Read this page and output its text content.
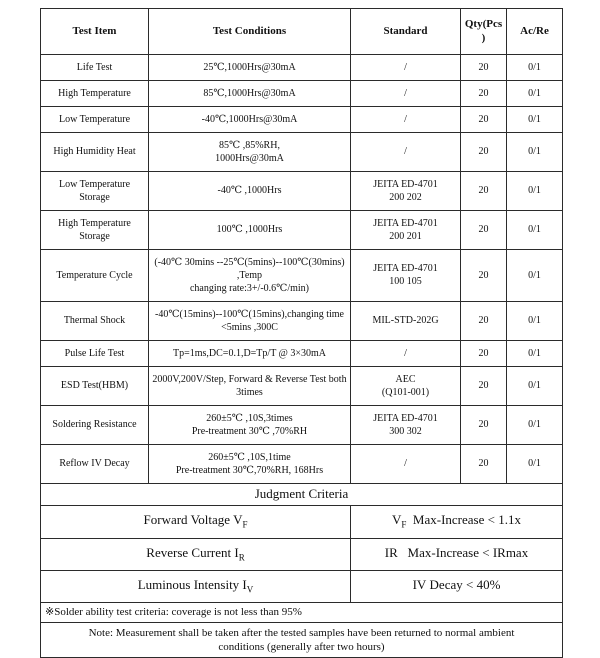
Test Item	Test Conditions	Standard	Qty(Pcs
)	Ac/Re
Life Test	25℃,1000Hrs@30mA	/	20	0/1
High Temperature	85℃,1000Hrs@30mA	/	20	0/1
Low Temperature	-40℃,1000Hrs@30mA	/	20	0/1
High Humidity Heat	85℃ ,85%RH,
1000Hrs@30mA	/	20	0/1
Low Temperature Storage	-40℃ ,1000Hrs	JEITA ED-4701
200 202	20	0/1
High Temperature
Storage	100℃ ,1000Hrs	JEITA ED-4701
200 201	20	0/1
Temperature Cycle	(-40℃ 30mins --25℃(5mins)--100℃(30mins) ,Temp
changing rate:3+/-0.6℃/min)	JEITA ED-4701
100 105	20	0/1
Thermal Shock	-40℃(15mins)--100℃(15mins),changing time
<5mins ,300C	MIL-STD-202G	20	0/1
Pulse Life Test	Tp=1ms,DC=0.1,D=Tp/T @ 3×30mA	/	20	0/1
ESD Test(HBM)	2000V,200V/Step, Forward & Reverse Test both 3times	AEC
(Q101-001)	20	0/1
Soldering Resistance	260±5℃ ,10S,3times
Pre-treatment 30℃ ,70%RH	JEITA ED-4701
300 302	20	0/1
Reflow IV Decay	260±5℃ ,10S,1time
Pre-treatment 30℃,70%RH, 168Hrs	/	20	0/1
Judgment Criteria				
Forward Voltage $V_F$		$V_F$  Max-Increase < 1.1x		
Reverse Current $I_R$		IR   Max-Increase < IRmax		
Luminous Intensity $I_V$		IV Decay < 40%		
※Solder ability test criteria: coverage is not less than 95%				
Note: Measurement shall be taken after the tested samples have been returned to normal ambient
conditions (generally after two hours)				
